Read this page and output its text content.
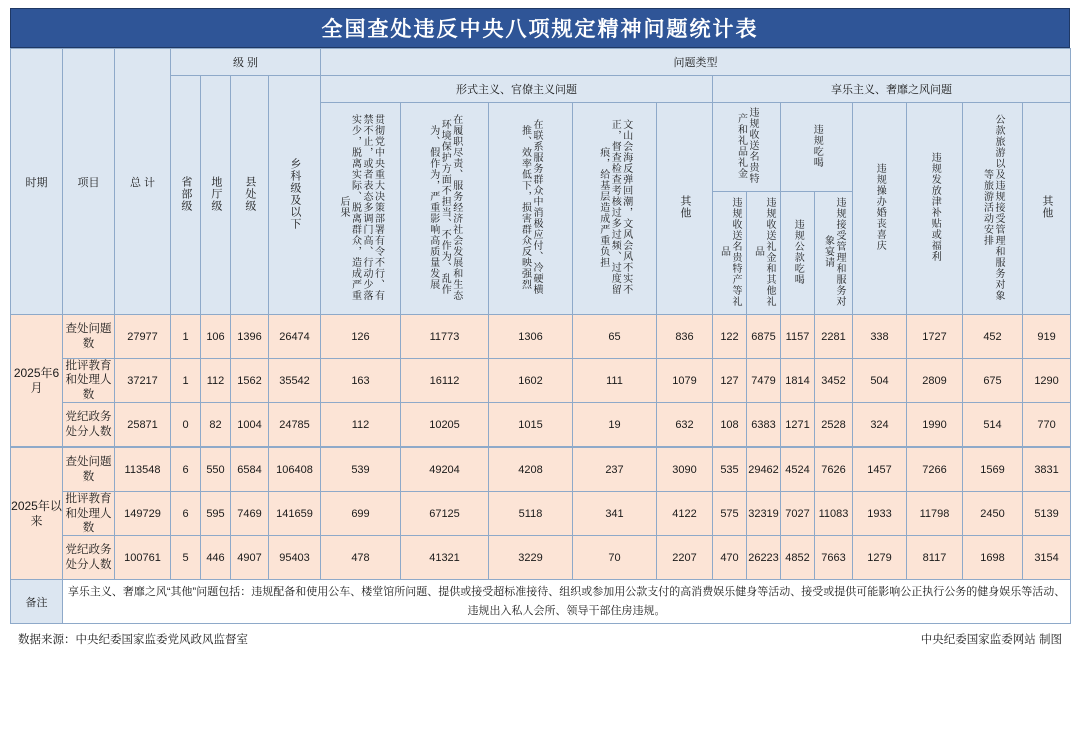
全国查处违反中央八项规定精神问题统计表
时期	项目	总 计	级 别				问题类型												
			省部级	地厅级	县处级	乡科级及以下	形式主义、官僚主义问题					享乐主义、奢靡之风问题							
							贯彻党中央重大决策部署有令不行、有禁不止，或者表态多调门高、行动少落实少，脱离实际、脱离群众，造成严重后果	在履职尽责、服务经济社会发展和生态环境保护方面不担当、不作为、乱作为、假作为，严重影响高质量发展	在联系服务群众中消极应付、冷硬横推、效率低下，损害群众反映强烈	文山会海反弹回潮，文风会风不实不正，督查检查考核过多过频、过度留痕，给基层造成严重负担	其他	违规收送名贵特产和礼品礼金		违规吃喝		违规操办婚丧喜庆	违规发放津补贴或福利	公款旅游以及违规接受管理和服务对象等旅游活动安排	其他
												违规收送名贵特产等礼品	违规收送礼金和其他礼品	违规公款吃喝	违规接受管理和服务对象宴请				
2025年6月	查处问题数	27977	1	106	1396	26474	126	11773	1306	65	836	122	6875	1157	2281	338	1727	452	919
	批评教育和处理人数	37217	1	112	1562	35542	163	16112	1602	111	1079	127	7479	1814	3452	504	2809	675	1290
	党纪政务处分人数	25871	0	82	1004	24785	112	10205	1015	19	632	108	6383	1271	2528	324	1990	514	770
2025年以来	查处问题数	113548	6	550	6584	106408	539	49204	4208	237	3090	535	29462	4524	7626	1457	7266	1569	3831
	批评教育和处理人数	149729	6	595	7469	141659	699	67125	5118	341	4122	575	32319	7027	11083	1933	11798	2450	5139
	党纪政务处分人数	100761	5	446	4907	95403	478	41321	3229	70	2207	470	26223	4852	7663	1279	8117	1698	3154
备注	享乐主义、奢靡之风“其他”问题包括：违规配备和使用公车、楼堂馆所问题、提供或接受超标准接待、组织或参加用公款支付的高消费娱乐健身等活动、接受或提供可能影响公正执行公务的健身娱乐等活动、违规出入私人会所、领导干部住房违规。																		
数据来源：中央纪委国家监委党风政风监督室	中央纪委国家监委网站 制图
